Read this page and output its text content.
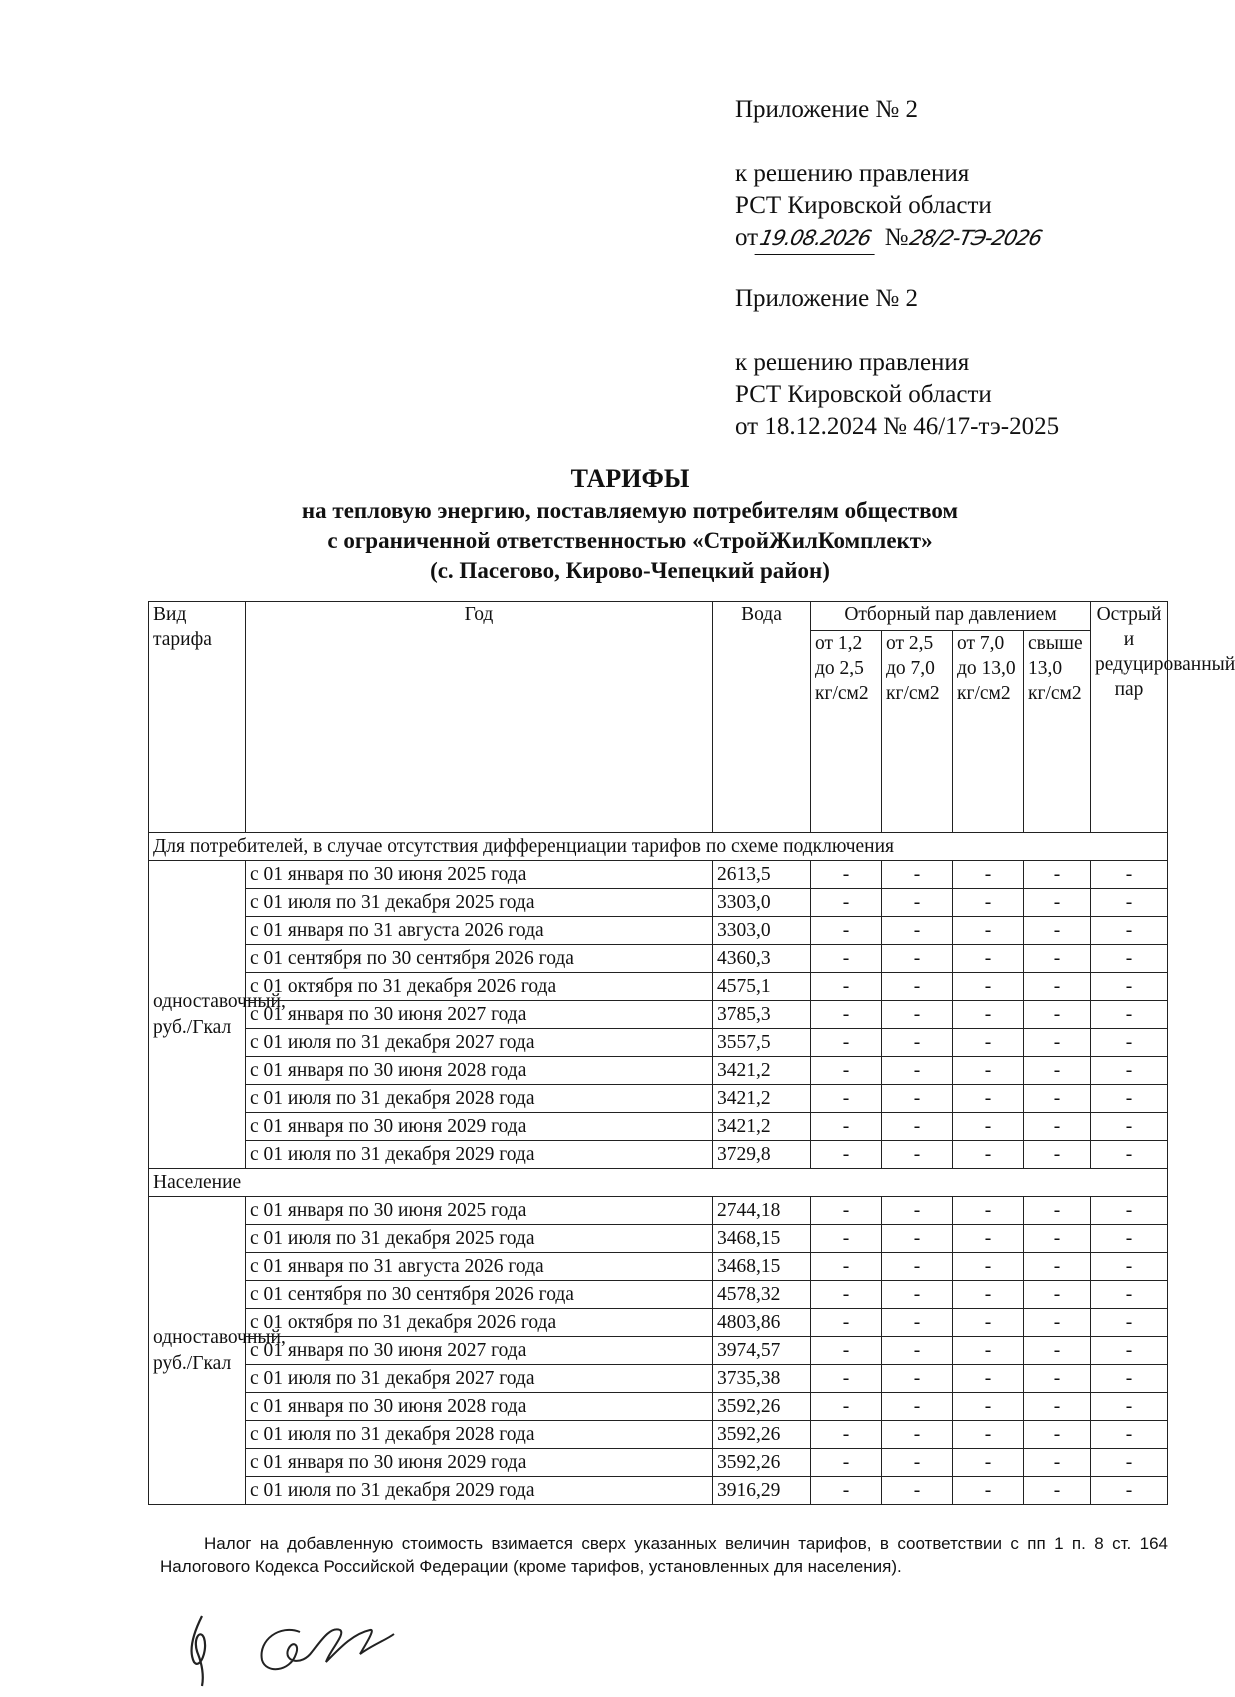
Приложение № 2
к решению правления
РСТ Кировской области
от19.08.2026 №28/2-ТЭ-2026
Приложение № 2
к решению правления
РСТ Кировской области
от 18.12.2024 № 46/17-тэ-2025
ТАРИФЫ
на тепловую энергию, поставляемую потребителям обществом
с ограниченной ответственностью «СтройЖилКомплект»
(с. Пасегово, Кирово-Чепецкий район)
Вид тарифа	Год	Вода	Отборный пар давлением				Острый и редуцированный пар
			от 1,2 до 2,5 кг/см2	от 2,5 до 7,0 кг/см2	от 7,0 до 13,0 кг/см2	свыше 13,0 кг/см2	
Для потребителей, в случае отсутствия дифференциации тарифов по схеме подключения							
одноставочный, руб./Гкал	с 01 января по 30 июня 2025 года	2613,5	-	-	-	-	-
	с 01 июля по 31 декабря 2025 года	3303,0	-	-	-	-	-
	с 01 января по 31 августа 2026 года	3303,0	-	-	-	-	-
	с 01 сентября по 30 сентября 2026 года	4360,3	-	-	-	-	-
	с 01 октября по 31 декабря 2026 года	4575,1	-	-	-	-	-
	с 01 января по 30 июня 2027 года	3785,3	-	-	-	-	-
	с 01 июля по 31 декабря 2027 года	3557,5	-	-	-	-	-
	с 01 января по 30 июня 2028 года	3421,2	-	-	-	-	-
	с 01 июля по 31 декабря 2028 года	3421,2	-	-	-	-	-
	с 01 января по 30 июня 2029 года	3421,2	-	-	-	-	-
	с 01 июля по 31 декабря 2029 года	3729,8	-	-	-	-	-
Население							
одноставочный, руб./Гкал	с 01 января по 30 июня 2025 года	2744,18	-	-	-	-	-
	с 01 июля по 31 декабря 2025 года	3468,15	-	-	-	-	-
	с 01 января по 31 августа 2026 года	3468,15	-	-	-	-	-
	с 01 сентября по 30 сентября 2026 года	4578,32	-	-	-	-	-
	с 01 октября по 31 декабря 2026 года	4803,86	-	-	-	-	-
	с 01 января по 30 июня 2027 года	3974,57	-	-	-	-	-
	с 01 июля по 31 декабря 2027 года	3735,38	-	-	-	-	-
	с 01 января по 30 июня 2028 года	3592,26	-	-	-	-	-
	с 01 июля по 31 декабря 2028 года	3592,26	-	-	-	-	-
	с 01 января по 30 июня 2029 года	3592,26	-	-	-	-	-
	с 01 июля по 31 декабря 2029 года	3916,29	-	-	-	-	-
Налог на добавленную стоимость взимается сверх указанных величин тарифов, в соответствии с пп 1 п. 8 ст. 164 Налогового Кодекса Российской Федерации (кроме тарифов, установленных для населения).
